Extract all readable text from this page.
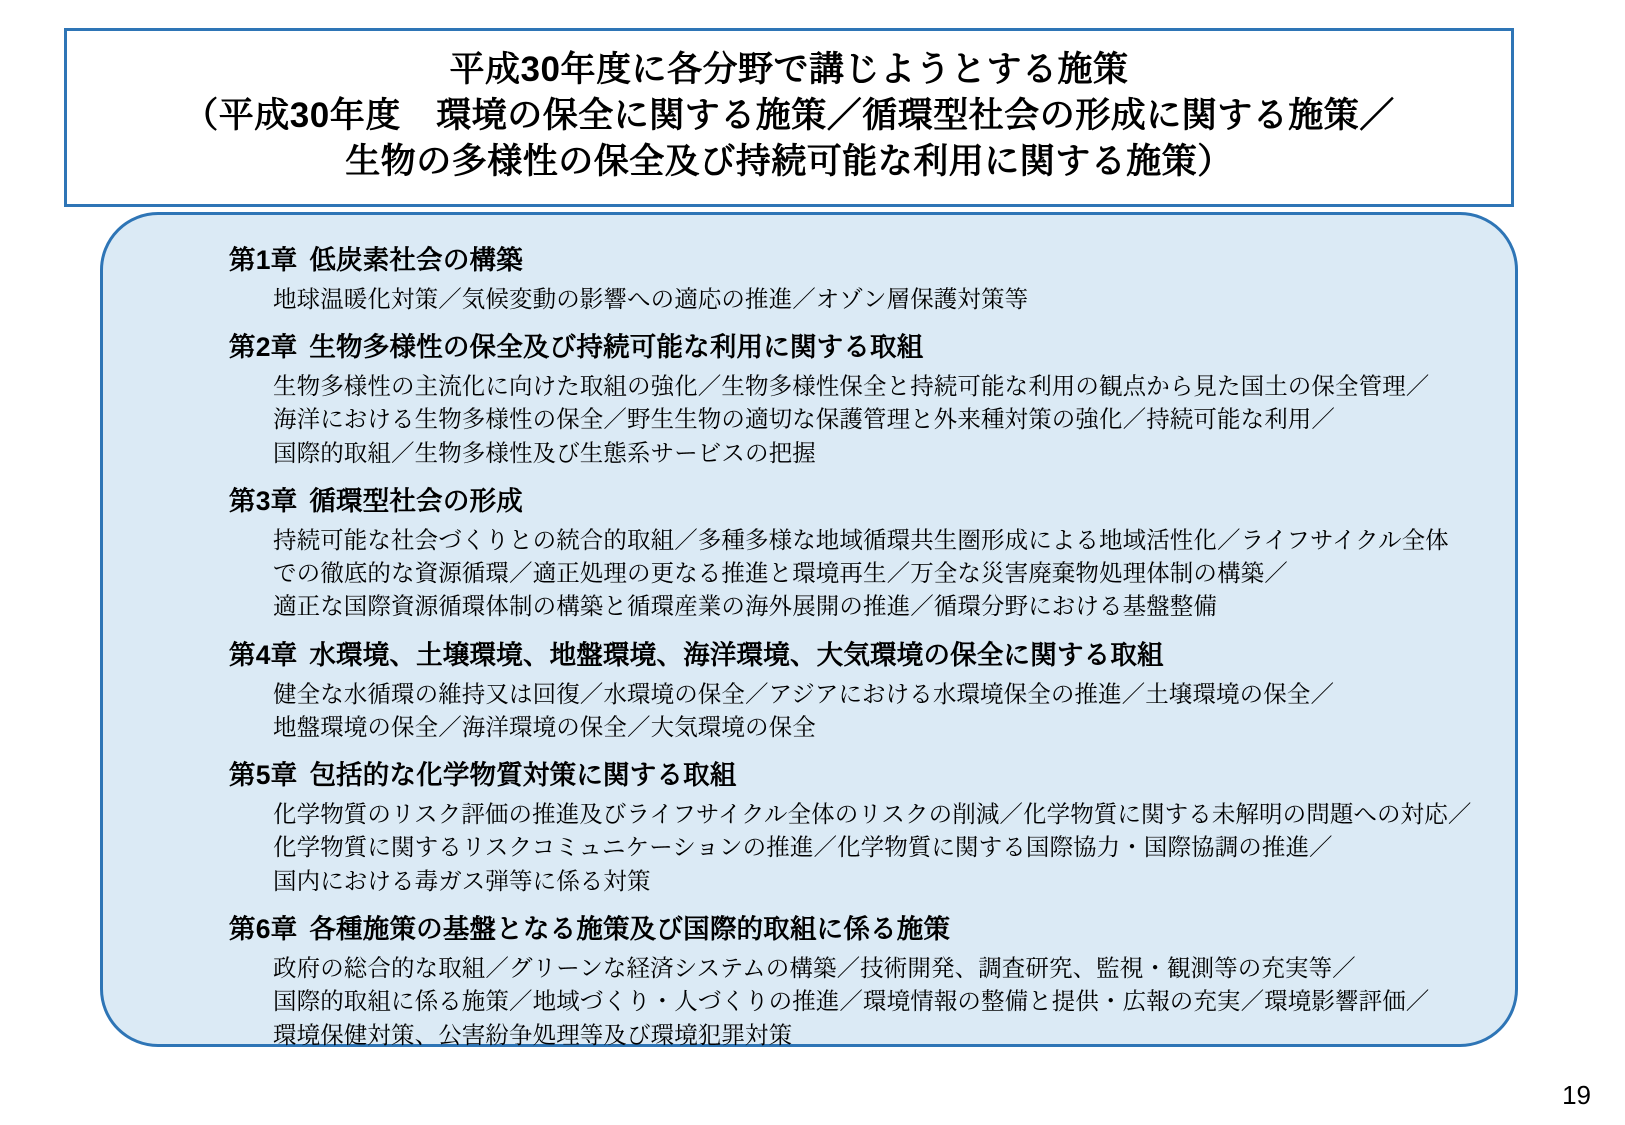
平成30年度に各分野で講じようとする施策
（平成30年度　環境の保全に関する施策／循環型社会の形成に関する施策／
生物の多様性の保全及び持続可能な利用に関する施策）
第1章 低炭素社会の構築
地球温暖化対策／気候変動の影響への適応の推進／オゾン層保護対策等
第2章 生物多様性の保全及び持続可能な利用に関する取組
生物多様性の主流化に向けた取組の強化／生物多様性保全と持続可能な利用の観点から見た国土の保全管理／
海洋における生物多様性の保全／野生生物の適切な保護管理と外来種対策の強化／持続可能な利用／
国際的取組／生物多様性及び生態系サービスの把握
第3章 循環型社会の形成
持続可能な社会づくりとの統合的取組／多種多様な地域循環共生圏形成による地域活性化／ライフサイクル全体
での徹底的な資源循環／適正処理の更なる推進と環境再生／万全な災害廃棄物処理体制の構築／
適正な国際資源循環体制の構築と循環産業の海外展開の推進／循環分野における基盤整備
第4章 水環境、土壌環境、地盤環境、海洋環境、大気環境の保全に関する取組
健全な水循環の維持又は回復／水環境の保全／アジアにおける水環境保全の推進／土壌環境の保全／
地盤環境の保全／海洋環境の保全／大気環境の保全
第5章 包括的な化学物質対策に関する取組
化学物質のリスク評価の推進及びライフサイクル全体のリスクの削減／化学物質に関する未解明の問題への対応／
化学物質に関するリスクコミュニケーションの推進／化学物質に関する国際協力・国際協調の推進／
国内における毒ガス弾等に係る対策
第6章 各種施策の基盤となる施策及び国際的取組に係る施策
政府の総合的な取組／グリーンな経済システムの構築／技術開発、調査研究、監視・観測等の充実等／
国際的取組に係る施策／地域づくり・人づくりの推進／環境情報の整備と提供・広報の充実／環境影響評価／
環境保健対策、公害紛争処理等及び環境犯罪対策
19
